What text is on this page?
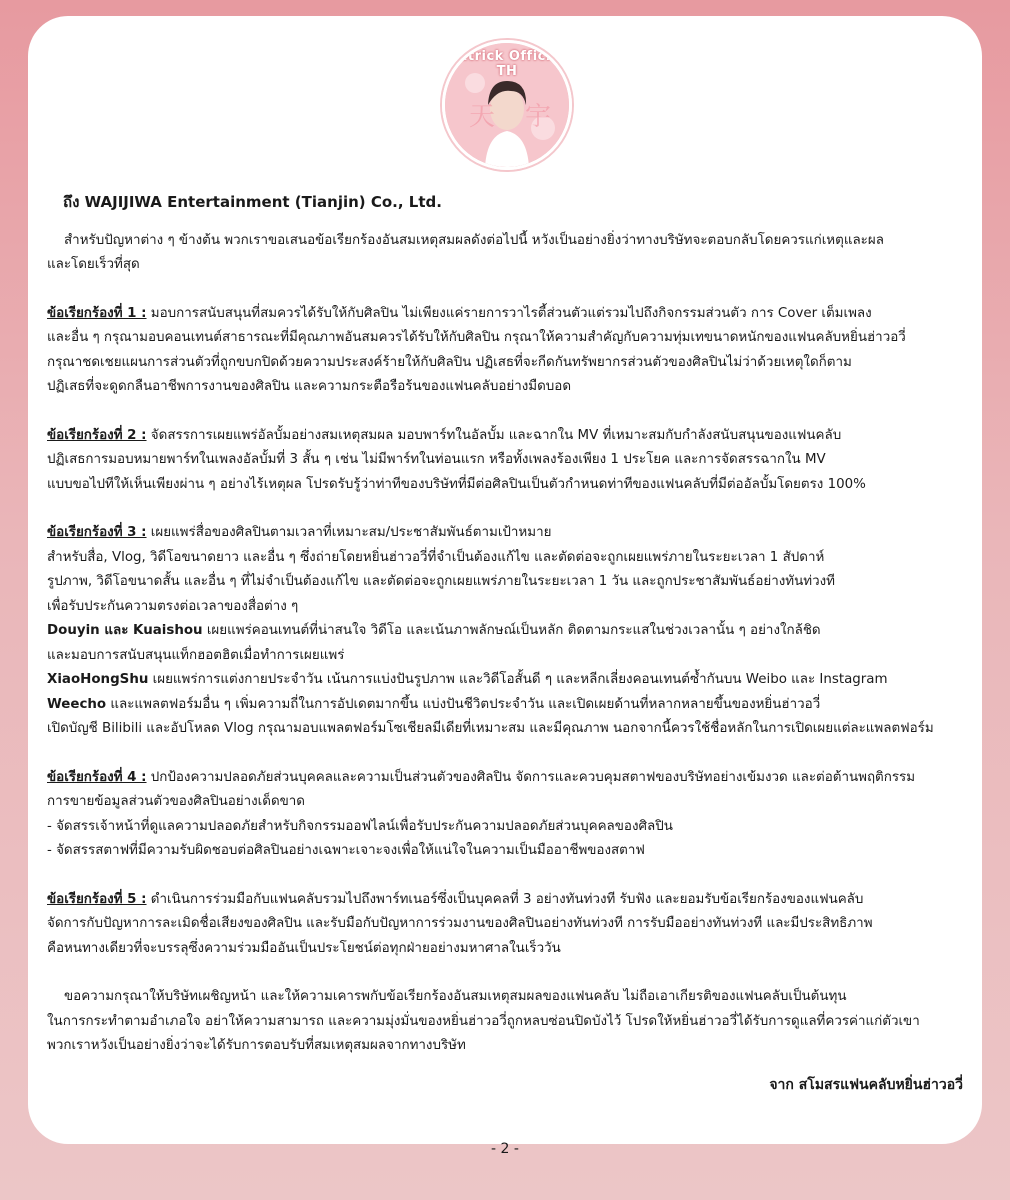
天 宇
Patrick Official TH

ถึง WAJIJIWA Entertainment (Tianjin) Co., Ltd.

สำหรับปัญหาต่าง ๆ ข้างต้น พวกเราขอเสนอข้อเรียกร้องอันสมเหตุสมผลดังต่อไปนี้ หวังเป็นอย่างยิ่งว่าทางบริษัทจะตอบกลับโดยควรแก่เหตุและผล

และโดยเร็วที่สุด

ข้อเรียกร้องที่ 1 : มอบการสนับสนุนที่สมควรได้รับให้กับศิลปิน ไม่เพียงแค่รายการวาไรตี้ส่วนตัวแต่รวมไปถึงกิจกรรมส่วนตัว การ Cover เต็มเพลง

และอื่น ๆ กรุณามอบคอนเทนต์สาธารณะที่มีคุณภาพอันสมควรได้รับให้กับศิลปิน กรุณาให้ความสำคัญกับความทุ่มเทขนาดหนักของแฟนคลับหยิ่นฮ่าวอวี่

กรุณาชดเชยแผนการส่วนตัวที่ถูกขบกปิดด้วยความประสงค์ร้ายให้กับศิลปิน ปฏิเสธที่จะกีดกันทรัพยากรส่วนตัวของศิลปินไม่ว่าด้วยเหตุใดก็ตาม

ปฏิเสธที่จะดูดกลืนอาชีพการงานของศิลปิน และความกระตือรือร้นของแฟนคลับอย่างมืดบอด

ข้อเรียกร้องที่ 2 : จัดสรรการเผยแพร่อัลบั้มอย่างสมเหตุสมผล มอบพาร์ทในอัลบั้ม และฉากใน MV ที่เหมาะสมกับกำลังสนับสนุนของแฟนคลับ

ปฏิเสธการมอบหมายพาร์ทในเพลงอัลบั้มที่ 3 สั้น ๆ เช่น ไม่มีพาร์ทในท่อนแรก หรือทั้งเพลงร้องเพียง 1 ประโยค และการจัดสรรฉากใน MV

แบบขอไปทีให้เห็นเพียงผ่าน ๆ อย่างไร้เหตุผล โปรดรับรู้ว่าท่าทีของบริษัทที่มีต่อศิลปินเป็นตัวกำหนดท่าทีของแฟนคลับที่มีต่ออัลบั้มโดยตรง 100%

ข้อเรียกร้องที่ 3 : เผยแพร่สื่อของศิลปินตามเวลาที่เหมาะสม/ประชาสัมพันธ์ตามเป้าหมาย

สำหรับสื่อ, Vlog, วิดีโอขนาดยาว และอื่น ๆ ซึ่งถ่ายโดยหยิ่นฮ่าวอวี่ที่จำเป็นต้องแก้ไข และตัดต่อจะถูกเผยแพร่ภายในระยะเวลา 1 สัปดาห์

รูปภาพ, วิดีโอขนาดสั้น และอื่น ๆ ที่ไม่จำเป็นต้องแก้ไข และตัดต่อจะถูกเผยแพร่ภายในระยะเวลา 1 วัน และถูกประชาสัมพันธ์อย่างทันท่วงที

เพื่อรับประกันความตรงต่อเวลาของสื่อต่าง ๆ

Douyin และ Kuaishou เผยแพร่คอนเทนต์ที่น่าสนใจ วิดีโอ และเน้นภาพลักษณ์เป็นหลัก ติดตามกระแสในช่วงเวลานั้น ๆ อย่างใกล้ชิด

และมอบการสนับสนุนแท็กฮอตฮิตเมื่อทำการเผยแพร่

XiaoHongShu เผยแพร่การแต่งกายประจำวัน เน้นการแบ่งปันรูปภาพ และวิดีโอสั้นดี ๆ และหลีกเลี่ยงคอนเทนต์ซ้ำกันบน Weibo และ Instagram

Weecho และแพลตฟอร์มอื่น ๆ เพิ่มความถี่ในการอัปเดตมากขึ้น แบ่งปันชีวิตประจำวัน และเปิดเผยด้านที่หลากหลายขึ้นของหยิ่นฮ่าวอวี่

เปิดบัญชี Bilibili และอัปโหลด Vlog กรุณามอบแพลตฟอร์มโซเชียลมีเดียที่เหมาะสม และมีคุณภาพ นอกจากนี้ควรใช้ชื่อหลักในการเปิดเผยแต่ละแพลตฟอร์ม

ข้อเรียกร้องที่ 4 : ปกป้องความปลอดภัยส่วนบุคคลและความเป็นส่วนตัวของศิลปิน จัดการและควบคุมสตาฟของบริษัทอย่างเข้มงวด และต่อต้านพฤติกรรม

การขายข้อมูลส่วนตัวของศิลปินอย่างเด็ดขาด

- จัดสรรเจ้าหน้าที่ดูแลความปลอดภัยสำหรับกิจกรรมออฟไลน์เพื่อรับประกันความปลอดภัยส่วนบุคคลของศิลปิน

- จัดสรรสตาฟที่มีความรับผิดชอบต่อศิลปินอย่างเฉพาะเจาะจงเพื่อให้แน่ใจในความเป็นมืออาชีพของสตาฟ

ข้อเรียกร้องที่ 5 : ดำเนินการร่วมมือกับแฟนคลับรวมไปถึงพาร์ทเนอร์ซึ่งเป็นบุคคลที่ 3 อย่างทันท่วงที รับฟัง และยอมรับข้อเรียกร้องของแฟนคลับ

จัดการกับปัญหาการละเมิดชื่อเสียงของศิลปิน และรับมือกับปัญหาการร่วมงานของศิลปินอย่างทันท่วงที การรับมืออย่างทันท่วงที และมีประสิทธิภาพ

คือหนทางเดียวที่จะบรรลุซึ่งความร่วมมืออันเป็นประโยชน์ต่อทุกฝ่ายอย่างมหาศาลในเร็ววัน

ขอความกรุณาให้บริษัทเผชิญหน้า และให้ความเคารพกับข้อเรียกร้องอันสมเหตุสมผลของแฟนคลับ ไม่ถือเอาเกียรติของแฟนคลับเป็นต้นทุน

ในการกระทำตามอำเภอใจ อย่าให้ความสามารถ และความมุ่งมั่นของหยิ่นฮ่าวอวี่ถูกหลบซ่อนปิดบังไว้ โปรดให้หยิ่นฮ่าวอวี่ได้รับการดูแลที่ควรค่าแก่ตัวเขา

พวกเราหวังเป็นอย่างยิ่งว่าจะได้รับการตอบรับที่สมเหตุสมผลจากทางบริษัท

จาก สโมสรแฟนคลับหยิ่นฮ่าวอวี่

- 2 -
